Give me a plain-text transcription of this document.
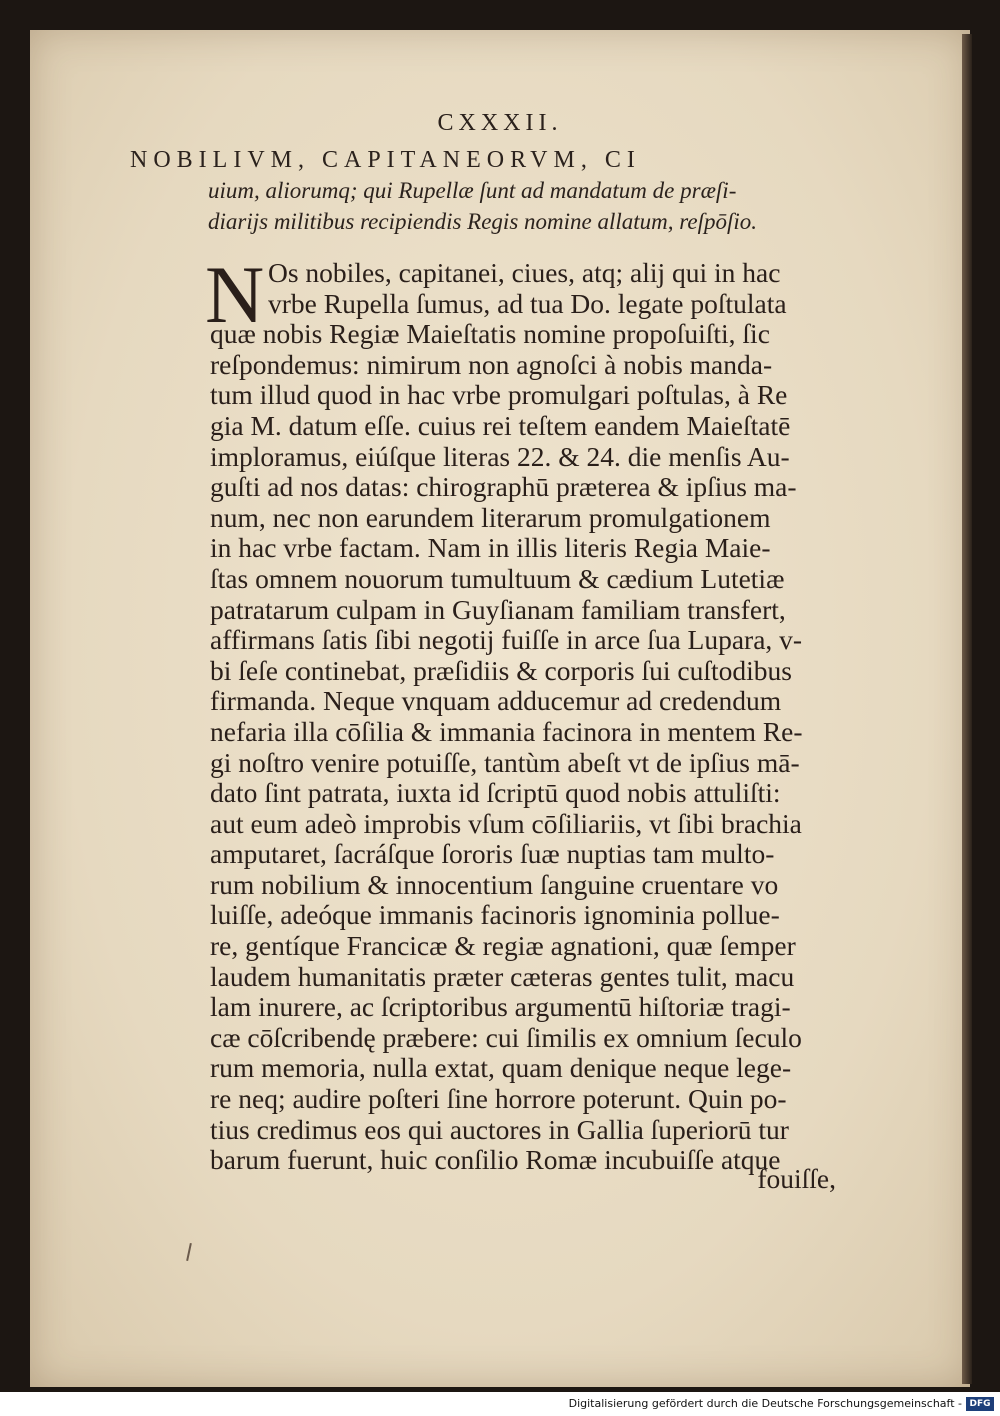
CXXXII.
NOBILIVM, CAPITANEORVM, CI
uium, aliorumq; qui Rupellæ ſunt ad mandatum de præſi-
diarijs militibus recipiendis Regis nomine allatum, reſpōſio.
N Os nobiles, capitanei, ciues, atq; alij qui in hac
vrbe Rupella ſumus, ad tua Do. legate poſtulata
quæ nobis Regiæ Maieſtatis nomine propoſuiſti, ſic
reſpondemus: nimirum non agnoſci à nobis manda-
tum illud quod in hac vrbe promulgari poſtulas, à Re
gia M. datum eſſe. cuius rei teſtem eandem Maieſtatē
imploramus, eiúſque literas 22. & 24. die menſis Au-
guſti ad nos datas: chirographū præterea & ipſius ma-
num, nec non earundem literarum promulgationem
in hac vrbe factam. Nam in illis literis Regia Maie-
ſtas omnem nouorum tumultuum & cædium Lutetiæ
patratarum culpam in Guyſianam familiam transfert,
affirmans ſatis ſibi negotij fuiſſe in arce ſua Lupara, v-
bi ſeſe continebat, præſidiis & corporis ſui cuſtodibus
firmanda. Neque vnquam adducemur ad credendum
nefaria illa cōſilia & immania facinora in mentem Re-
gi noſtro venire potuiſſe, tantùm abeſt vt de ipſius mā-
dato ſint patrata, iuxta id ſcriptū quod nobis attuliſti:
aut eum adeò improbis vſum cōſiliariis, vt ſibi brachia
amputaret, ſacráſque ſororis ſuæ nuptias tam multo-
rum nobilium & innocentium ſanguine cruentare vo
luiſſe, adeóque immanis facinoris ignominia pollue-
re, gentíque Francicæ & regiæ agnationi, quæ ſemper
laudem humanitatis præter cæteras gentes tulit, macu
lam inurere, ac ſcriptoribus argumentū hiſtoriæ tragi-
cæ cōſcribendę præbere: cui ſimilis ex omnium ſeculo
rum memoria, nulla extat, quam denique neque lege-
re neq; audire poſteri ſine horrore poterunt. Quin po-
tius credimus eos qui auctores in Gallia ſuperiorū tur
barum fuerunt, huic conſilio Romæ incubuiſſe atque
fouiſſe,
Digitalisierung gefördert durch die Deutsche Forschungsgemeinschaft - DFG
